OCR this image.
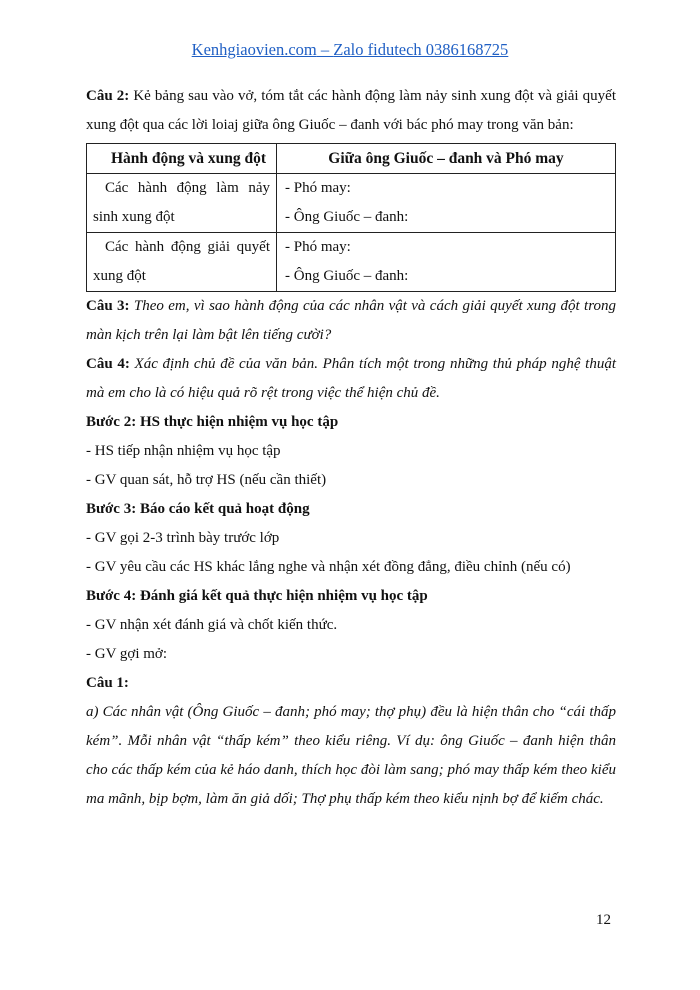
Kenhgiaovien.com – Zalo fidutech 0386168725

Câu 2: Kẻ bảng sau vào vở, tóm tắt các hành động làm nảy sinh xung đột và giải quyết xung đột qua các lời loiaj giữa ông Giuốc – đanh với bác phó may trong văn bản:

Hành động và xung đột	Giữa ông Giuốc – đanh và Phó may
Các hành động làm nảy sinh xung đột	- Phó may:
- Ông Giuốc – đanh:

Các hành động giải quyết xung đột	- Phó may:
- Ông Giuốc – đanh:

Câu 3: Theo em, vì sao hành động của các nhân vật và cách giải quyết xung đột trong màn kịch trên lại làm bật lên tiếng cười?

Câu 4: Xác định chủ đề của văn bản. Phân tích một trong những thủ pháp nghệ thuật mà em cho là có hiệu quả rõ rệt trong việc thể hiện chủ đề.

Bước 2: HS thực hiện nhiệm vụ học tập

- HS tiếp nhận nhiệm vụ học tập

- GV quan sát, hỗ trợ HS (nếu cần thiết)

Bước 3: Báo cáo kết quả hoạt động

- GV gọi 2-3 trình bày trước lớp

- GV yêu cầu các HS khác lắng nghe và nhận xét đồng đẳng, điều chỉnh (nếu có)

Bước 4: Đánh giá kết quả thực hiện nhiệm vụ học tập

- GV nhận xét đánh giá và chốt kiến thức.

- GV gợi mở:

Câu 1:

a) Các nhân vật (Ông Giuốc – đanh; phó may; thợ phụ) đều là hiện thân cho “cái thấp kém”. Mỗi nhân vật “thấp kém” theo kiểu riêng. Ví dụ: ông Giuốc – đanh hiện thân cho các thấp kém của kẻ háo danh, thích học đòi làm sang; phó may thấp kém theo kiểu ma mãnh, bịp bợm, làm ăn giả dối; Thợ phụ thấp kém theo kiểu nịnh bợ để kiếm chác.

12
